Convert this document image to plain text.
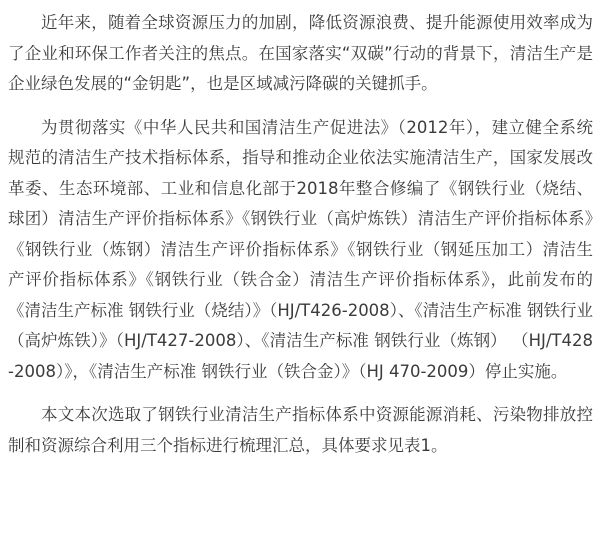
近年来，随着全球资源压力的加剧，降低资源浪费、提升能源使用效率成为了企业和环保工作者关注的焦点。在国家落实“双碳”行动的背景下，清洁生产是企业绿色发展的“金钥匙”，也是区域减污降碳的关键抓手。

为贯彻落实《中华人民共和国清洁生产促进法》（2012年），建立健全系统规范的清洁生产技术指标体系，指导和推动企业依法实施清洁生产，国家发展改革委、生态环境部、工业和信息化部于2018年整合修编了《钢铁行业（烧结、球团）清洁生产评价指标体系》《钢铁行业（高炉炼铁）清洁生产评价指标体系》《钢铁行业（炼钢）清洁生产评价指标体系》《钢铁行业（钢延压加工）清洁生产评价指标体系》《钢铁行业（铁合金）清洁生产评价指标体系》，此前发布的《清洁生产标准 钢铁行业（烧结）》（HJ/T426-2008）、《清洁生产标准 钢铁行业（高炉炼铁）》（HJ/T427-2008）、《清洁生产标准 钢铁行业（炼钢） （HJ/T428-2008）》，《清洁生产标准 钢铁行业（铁合金）》（HJ 470-2009）停止实施。

本文本次选取了钢铁行业清洁生产指标体系中资源能源消耗、污染物排放控制和资源综合利用三个指标进行梳理汇总，具体要求见表1。
